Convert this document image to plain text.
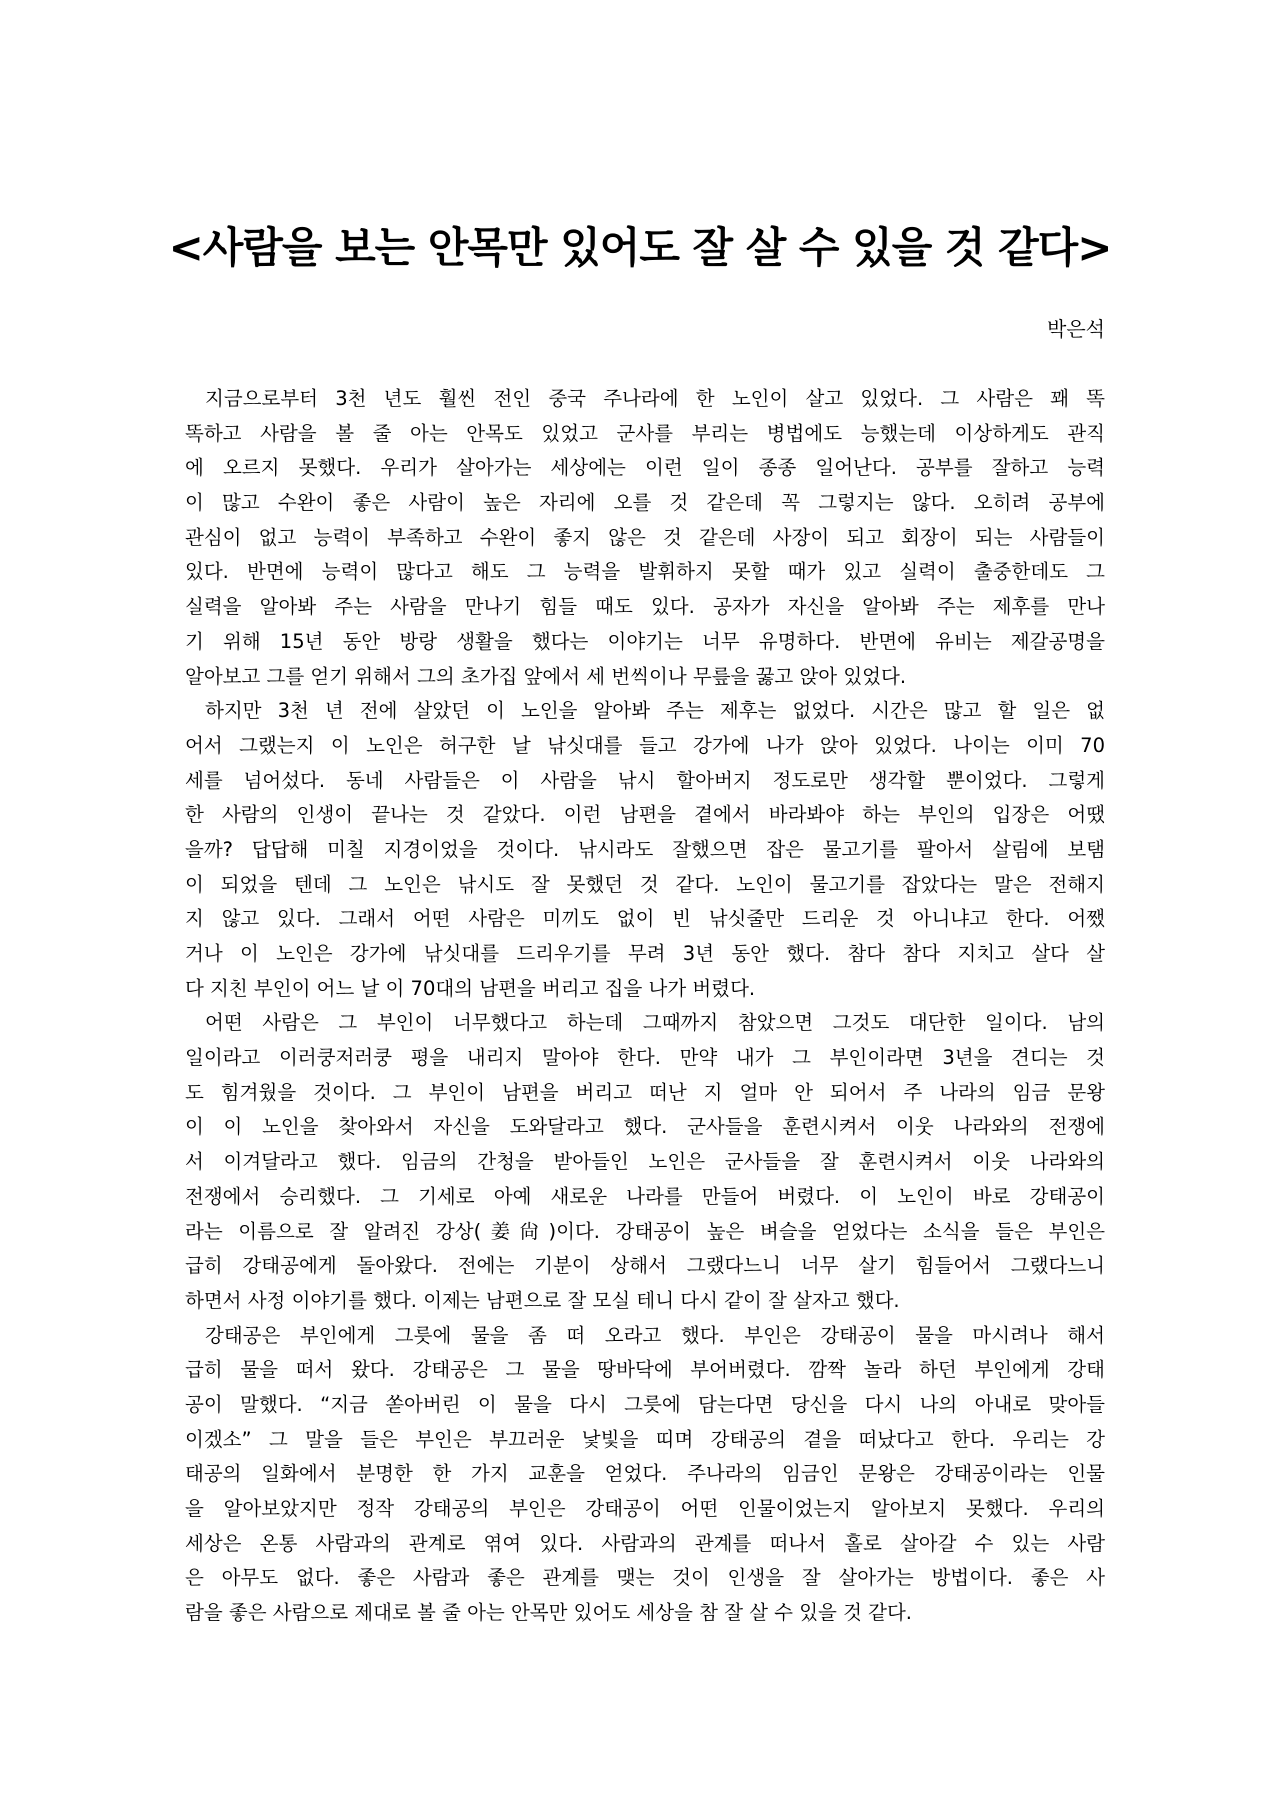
<사람을 보는 안목만 있어도 잘 살 수 있을 것 같다>
박은석
지금으로부터 3천 년도 훨씬 전인 중국 주나라에 한 노인이 살고 있었다. 그 사람은 꽤 똑
똑하고 사람을 볼 줄 아는 안목도 있었고 군사를 부리는 병법에도 능했는데 이상하게도 관직
에 오르지 못했다. 우리가 살아가는 세상에는 이런 일이 종종 일어난다. 공부를 잘하고 능력
이 많고 수완이 좋은 사람이 높은 자리에 오를 것 같은데 꼭 그렇지는 않다. 오히려 공부에
관심이 없고 능력이 부족하고 수완이 좋지 않은 것 같은데 사장이 되고 회장이 되는 사람들이
있다. 반면에 능력이 많다고 해도 그 능력을 발휘하지 못할 때가 있고 실력이 출중한데도 그
실력을 알아봐 주는 사람을 만나기 힘들 때도 있다. 공자가 자신을 알아봐 주는 제후를 만나
기 위해 15년 동안 방랑 생활을 했다는 이야기는 너무 유명하다. 반면에 유비는 제갈공명을
알아보고 그를 얻기 위해서 그의 초가집 앞에서 세 번씩이나 무릎을 꿇고 앉아 있었다.
하지만 3천 년 전에 살았던 이 노인을 알아봐 주는 제후는 없었다. 시간은 많고 할 일은 없
어서 그랬는지 이 노인은 허구한 날 낚싯대를 들고 강가에 나가 앉아 있었다. 나이는 이미 70
세를 넘어섰다. 동네 사람들은 이 사람을 낚시 할아버지 정도로만 생각할 뿐이었다. 그렇게
한 사람의 인생이 끝나는 것 같았다. 이런 남편을 곁에서 바라봐야 하는 부인의 입장은 어땠
을까? 답답해 미칠 지경이었을 것이다. 낚시라도 잘했으면 잡은 물고기를 팔아서 살림에 보탬
이 되었을 텐데 그 노인은 낚시도 잘 못했던 것 같다. 노인이 물고기를 잡았다는 말은 전해지
지 않고 있다. 그래서 어떤 사람은 미끼도 없이 빈 낚싯줄만 드리운 것 아니냐고 한다. 어쨌
거나 이 노인은 강가에 낚싯대를 드리우기를 무려 3년 동안 했다. 참다 참다 지치고 살다 살
다 지친 부인이 어느 날 이 70대의 남편을 버리고 집을 나가 버렸다.
어떤 사람은 그 부인이 너무했다고 하는데 그때까지 참았으면 그것도 대단한 일이다. 남의
일이라고 이러쿵저러쿵 평을 내리지 말아야 한다. 만약 내가 그 부인이라면 3년을 견디는 것
도 힘겨웠을 것이다. 그 부인이 남편을 버리고 떠난 지 얼마 안 되어서 주 나라의 임금 문왕
이 이 노인을 찾아와서 자신을 도와달라고 했다. 군사들을 훈련시켜서 이웃 나라와의 전쟁에
서 이겨달라고 했다. 임금의 간청을 받아들인 노인은 군사들을 잘 훈련시켜서 이웃 나라와의
전쟁에서 승리했다. 그 기세로 아예 새로운 나라를 만들어 버렸다. 이 노인이 바로 강태공이
라는 이름으로 잘 알려진 강상(姜尙)이다. 강태공이 높은 벼슬을 얻었다는 소식을 들은 부인은
급히 강태공에게 돌아왔다. 전에는 기분이 상해서 그랬다느니 너무 살기 힘들어서 그랬다느니
하면서 사정 이야기를 했다. 이제는 남편으로 잘 모실 테니 다시 같이 잘 살자고 했다.
강태공은 부인에게 그릇에 물을 좀 떠 오라고 했다. 부인은 강태공이 물을 마시려나 해서
급히 물을 떠서 왔다. 강태공은 그 물을 땅바닥에 부어버렸다. 깜짝 놀라 하던 부인에게 강태
공이 말했다. “지금 쏟아버린 이 물을 다시 그릇에 담는다면 당신을 다시 나의 아내로 맞아들
이겠소” 그 말을 들은 부인은 부끄러운 낯빛을 띠며 강태공의 곁을 떠났다고 한다. 우리는 강
태공의 일화에서 분명한 한 가지 교훈을 얻었다. 주나라의 임금인 문왕은 강태공이라는 인물
을 알아보았지만 정작 강태공의 부인은 강태공이 어떤 인물이었는지 알아보지 못했다. 우리의
세상은 온통 사람과의 관계로 엮여 있다. 사람과의 관계를 떠나서 홀로 살아갈 수 있는 사람
은 아무도 없다. 좋은 사람과 좋은 관계를 맺는 것이 인생을 잘 살아가는 방법이다. 좋은 사
람을 좋은 사람으로 제대로 볼 줄 아는 안목만 있어도 세상을 참 잘 살 수 있을 것 같다.
